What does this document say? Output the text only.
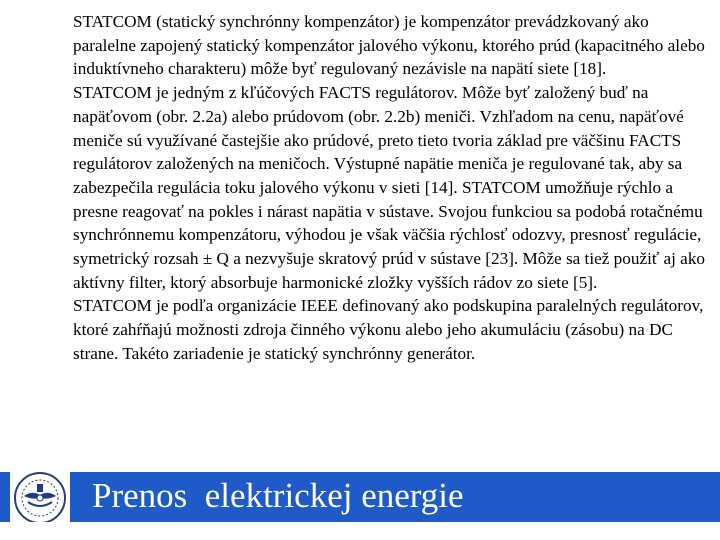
STATCOM (statický synchrónny kompenzátor) je kompenzátor prevádzkovaný ako paralelne zapojený statický kompenzátor jalového výkonu, ktorého prúd (kapacitného alebo induktívneho charakteru) môže byť regulovaný nezávisle na napätí siete [18].

STATCOM je jedným z kľúčových FACTS regulátorov. Môže byť založený buď na napäťovom (obr. 2.2a) alebo prúdovom (obr. 2.2b) meniči. Vzhľadom na cenu, napäťové meniče sú využívané častejšie ako prúdové, preto tieto tvoria základ pre väčšinu FACTS regulátorov založených na meničoch. Výstupné napätie meniča je regulované tak, aby sa zabezpečila regulácia toku jalového výkonu v sieti [14]. STATCOM umožňuje rýchlo a presne reagovať na pokles i nárast napätia v sústave. Svojou funkciou sa podobá rotačnému synchrónnemu kompenzátoru, výhodou je však väčšia rýchlosť odozvy, presnosť regulácie, symetrický rozsah ± Q a nezvyšuje skratový prúd v sústave [23]. Môže sa tiež použiť aj ako aktívny filter, ktorý absorbuje harmonické zložky vyšších rádov zo siete [5].

STATCOM je podľa organizácie IEEE definovaný ako podskupina paralelných regulátorov, ktoré zahŕňajú možnosti zdroja činného výkonu alebo jeho akumuláciu (zásobu) na DC strane. Takéto zariadenie je statický synchrónny generátor.

Prenos  elektrickej energie
